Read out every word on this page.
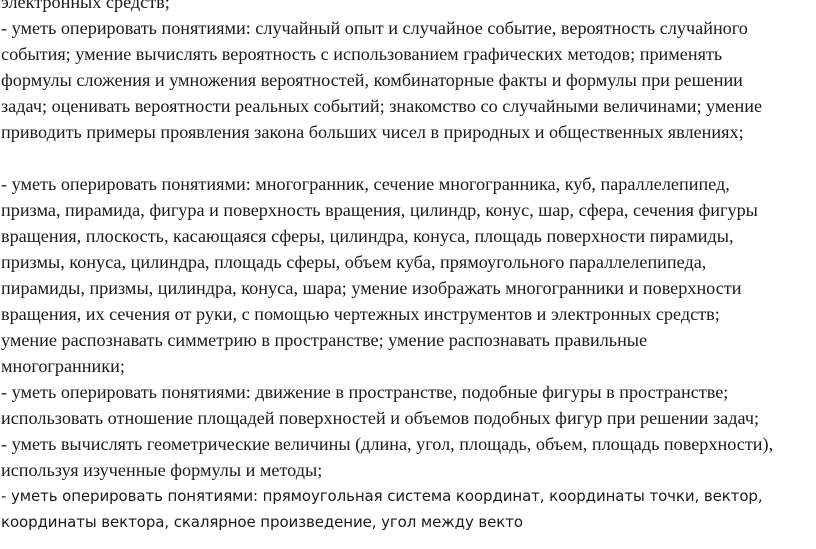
электронных средств;
- уметь оперировать понятиями: случайный опыт и случайное событие, вероятность случайного
события; умение вычислять вероятность с использованием графических методов; применять
формулы сложения и умножения вероятностей, комбинаторные факты и формулы при решении
задач; оценивать вероятности реальных событий; знакомство со случайными величинами; умение
приводить примеры проявления закона больших чисел в природных и общественных явлениях;
- уметь оперировать понятиями: многогранник, сечение многогранника, куб, параллелепипед,
призма, пирамида, фигура и поверхность вращения, цилиндр, конус, шар, сфера, сечения фигуры
вращения, плоскость, касающаяся сферы, цилиндра, конуса, площадь поверхности пирамиды,
призмы, конуса, цилиндра, площадь сферы, объем куба, прямоугольного параллелепипеда,
пирамиды, призмы, цилиндра, конуса, шара; умение изображать многогранники и поверхности
вращения, их сечения от руки, с помощью чертежных инструментов и электронных средств;
умение распознавать симметрию в пространстве; умение распознавать правильные
многогранники;
- уметь оперировать понятиями: движение в пространстве, подобные фигуры в пространстве;
использовать отношение площадей поверхностей и объемов подобных фигур при решении задач;
- уметь вычислять геометрические величины (длина, угол, площадь, объем, площадь поверхности),
используя изученные формулы и методы;
- уметь оперировать понятиями: прямоугольная система координат, координаты точки, вектор,
координаты вектора, скалярное произведение, угол между векто
